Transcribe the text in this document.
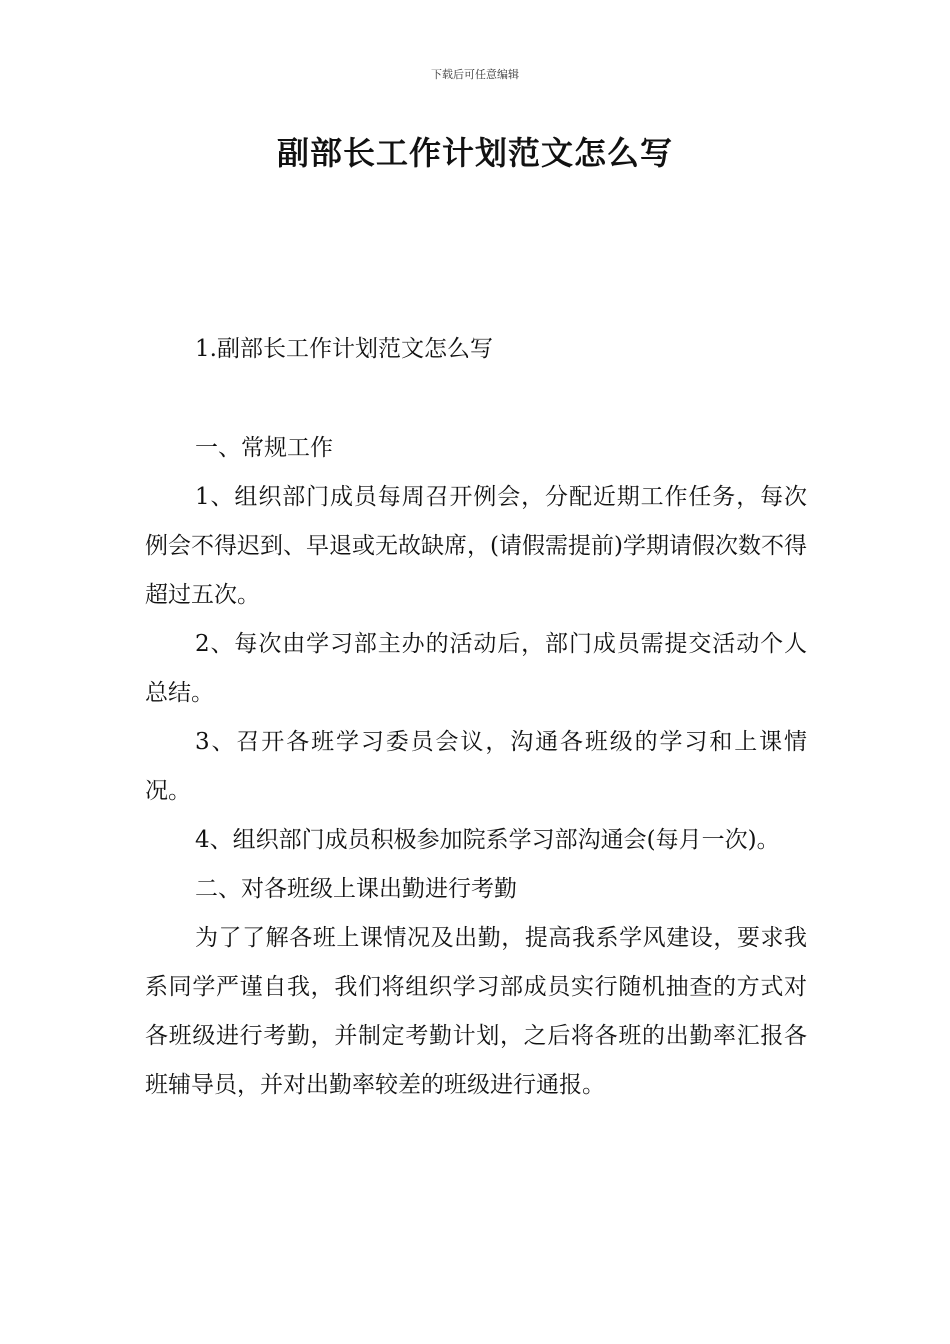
下载后可任意编辑
副部长工作计划范文怎么写
1.副部长工作计划范文怎么写

一、常规工作

1、组织部门成员每周召开例会，分配近期工作任务，每次例会不得迟到、早退或无故缺席，(请假需提前)学期请假次数不得超过五次。

2、每次由学习部主办的活动后，部门成员需提交活动个人总结。

3、召开各班学习委员会议，沟通各班级的学习和上课情况。

4、组织部门成员积极参加院系学习部沟通会(每月一次)。

二、对各班级上课出勤进行考勤

为了了解各班上课情况及出勤，提高我系学风建设，要求我系同学严谨自我，我们将组织学习部成员实行随机抽查的方式对各班级进行考勤，并制定考勤计划，之后将各班的出勤率汇报各班辅导员，并对出勤率较差的班级进行通报。
